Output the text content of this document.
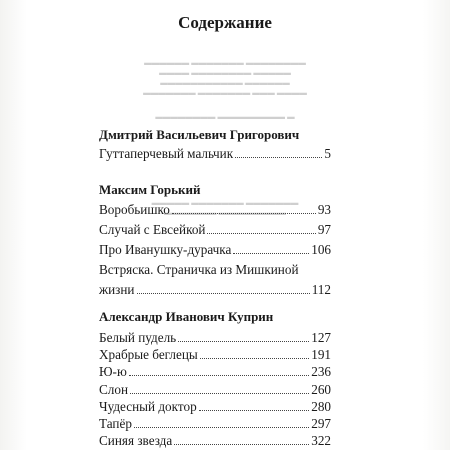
Содержание
▬▬▬▬▬▬ ▬▬▬▬▬▬▬ ▬▬▬▬▬▬▬▬
▬▬▬▬ ▬▬▬▬▬▬▬▬ ▬▬▬▬▬
▬▬▬▬▬▬▬▬▬▬▬ ▬▬▬▬▬▬
▬▬▬▬▬▬▬ ▬▬▬▬▬▬▬ ▬▬▬ ▬▬▬▬
▬▬▬▬▬▬▬▬ ▬▬▬▬▬▬▬▬▬ ▬
▬▬▬▬▬ ▬▬▬▬▬▬▬ ▬▬▬▬▬▬▬
▬▬▬▬▬▬▬ ▬▬▬▬▬▬▬▬▬
Дмитрий Васильевич Григорович
Гуттаперчевый мальчик	5
Максим Горький
Воробьишко	93
Случай с Евсейкой	97
Про Иванушку-дурачка	106
Встряска. Страничка из Мишкиной
жизни	112
Александр Иванович Куприн
Белый пудель	127
Храбрые беглецы	191
Ю-ю	236
Слон	260
Чудесный доктор	280
Тапёр	297
Синяя звезда	322
